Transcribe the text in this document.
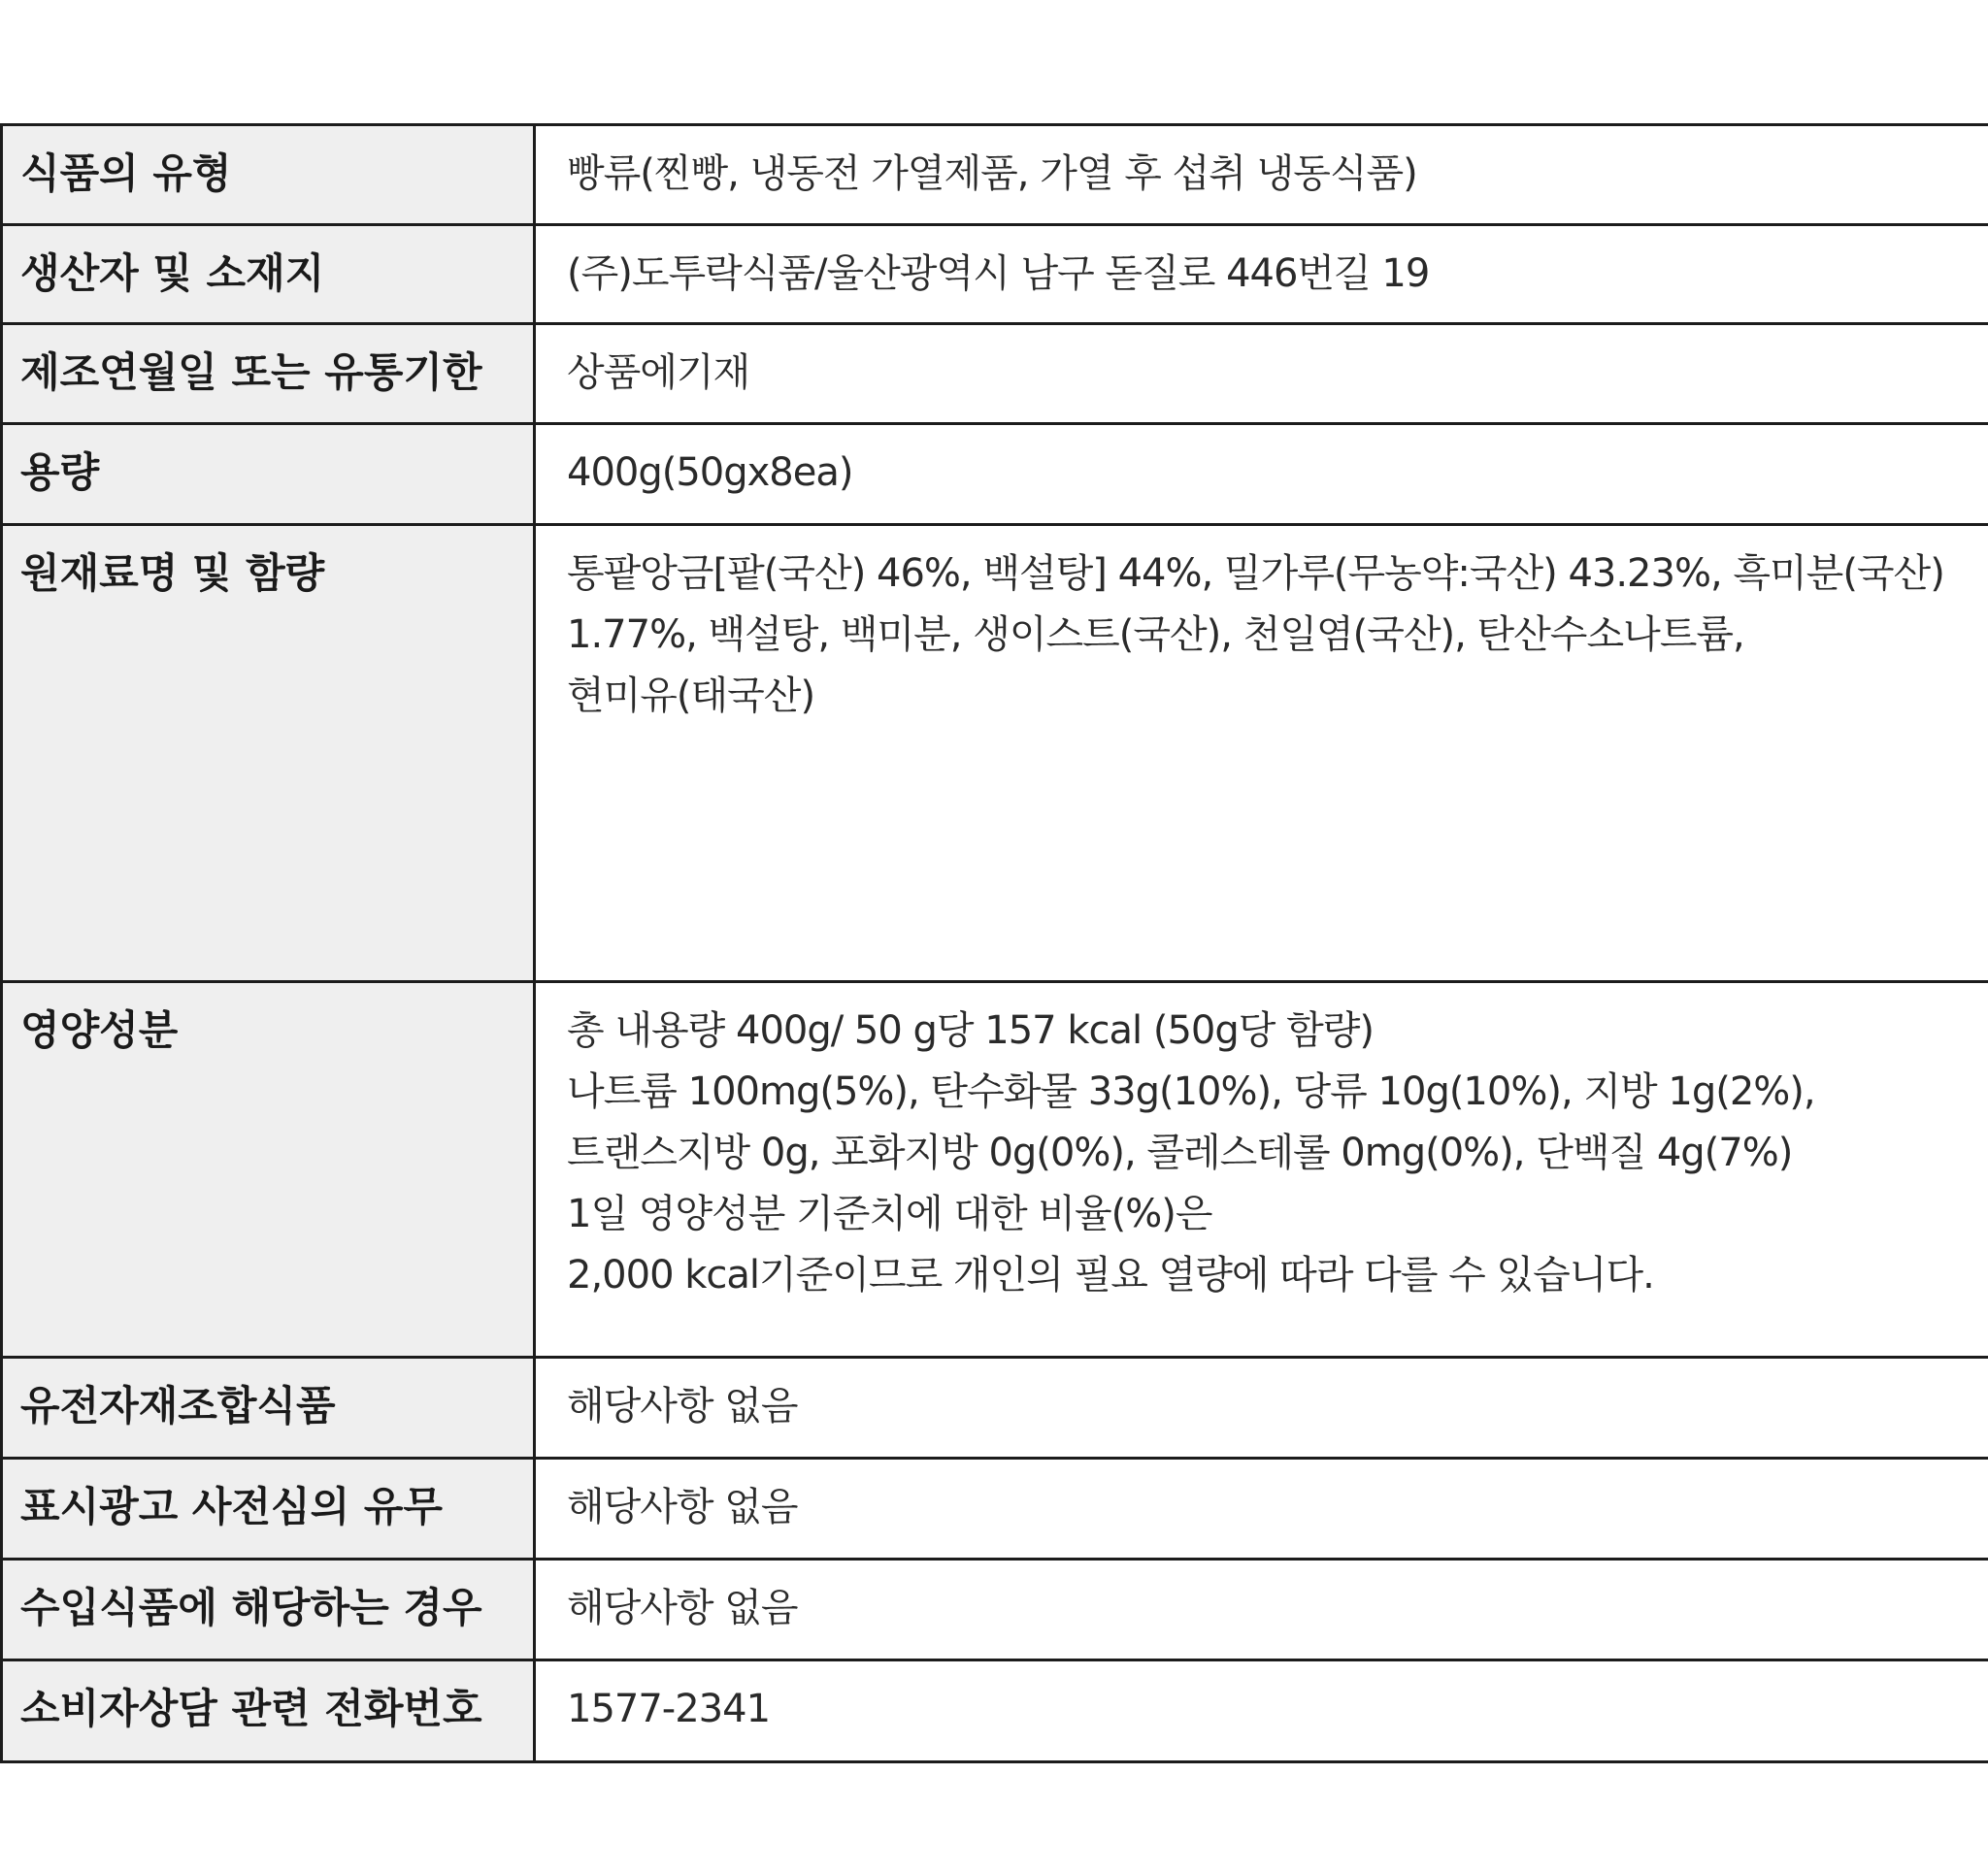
식품의 유형	빵류(찐빵, 냉동전 가열제품, 가열 후 섭취 냉동식품)
생산자 및 소재지	(주)도투락식품/울산광역시 남구 돋질로 446번길 19
제조연월일 또는 유통기한	상품에기재
용량	400g(50gx8ea)
원재료명 및 함량	통팥앙금[팥(국산) 46%, 백설탕] 44%, 밀가루(무농약:국산) 43.23%, 흑미분(국산)
1.77%, 백설탕, 백미분, 생이스트(국산), 천일염(국산), 탄산수소나트륨,
현미유(태국산)
영양성분	총 내용량 400g/ 50 g당 157 kcal (50g당 함량)
나트륨 100mg(5%), 탄수화물 33g(10%), 당류 10g(10%), 지방 1g(2%),
트랜스지방 0g, 포화지방 0g(0%), 콜레스테롤 0mg(0%), 단백질 4g(7%)
1일 영양성분 기준치에 대한 비율(%)은
2,000 kcal기준이므로 개인의 필요 열량에 따라 다를 수 있습니다.
유전자재조합식품	해당사항 없음
표시광고 사전심의 유무	해당사항 없음
수입식품에 해당하는 경우	해당사항 없음
소비자상담 관련 전화번호	1577-2341
